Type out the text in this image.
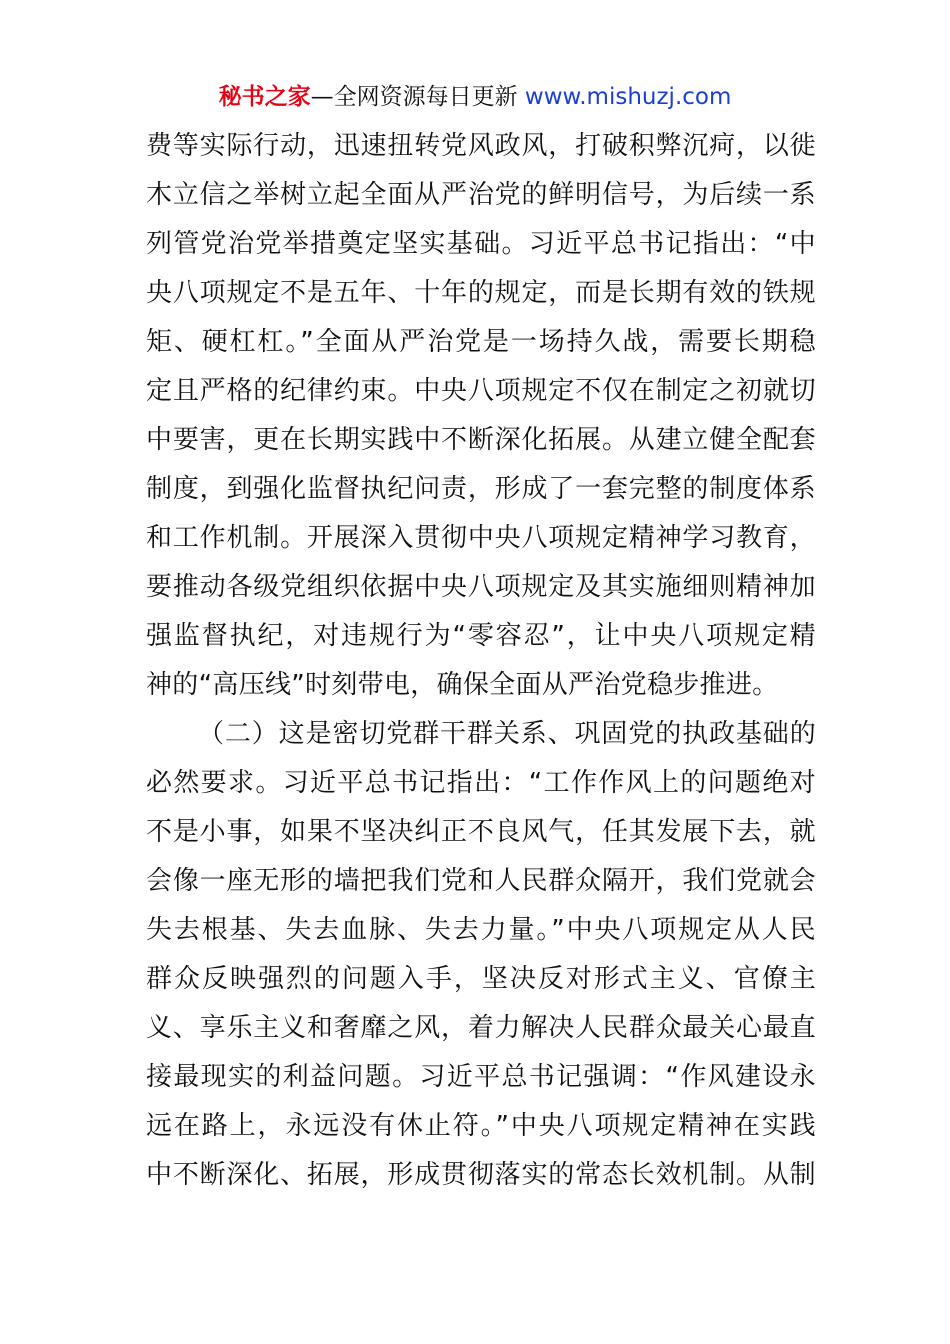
秘书之家—全网资源每日更新 www.mishuzj.com
费等实际行动，迅速扭转党风政风，打破积弊沉疴，以徙
木立信之举树立起全面从严治党的鲜明信号，为后续一系
列管党治党举措奠定坚实基础。习近平总书记指出：“中
央八项规定不是五年、十年的规定，而是长期有效的铁规
矩、硬杠杠。”全面从严治党是一场持久战，需要长期稳
定且严格的纪律约束。中央八项规定不仅在制定之初就切
中要害，更在长期实践中不断深化拓展。从建立健全配套
制度，到强化监督执纪问责，形成了一套完整的制度体系
和工作机制。开展深入贯彻中央八项规定精神学习教育，
要推动各级党组织依据中央八项规定及其实施细则精神加
强监督执纪，对违规行为“零容忍”，让中央八项规定精
神的“高压线”时刻带电，确保全面从严治党稳步推进。
（二）这是密切党群干群关系、巩固党的执政基础的
必然要求。习近平总书记指出：“工作作风上的问题绝对
不是小事，如果不坚决纠正不良风气，任其发展下去，就
会像一座无形的墙把我们党和人民群众隔开，我们党就会
失去根基、失去血脉、失去力量。”中央八项规定从人民
群众反映强烈的问题入手，坚决反对形式主义、官僚主
义、享乐主义和奢靡之风，着力解决人民群众最关心最直
接最现实的利益问题。习近平总书记强调：“作风建设永
远在路上，永远没有休止符。”中央八项规定精神在实践
中不断深化、拓展，形成贯彻落实的常态长效机制。从制
